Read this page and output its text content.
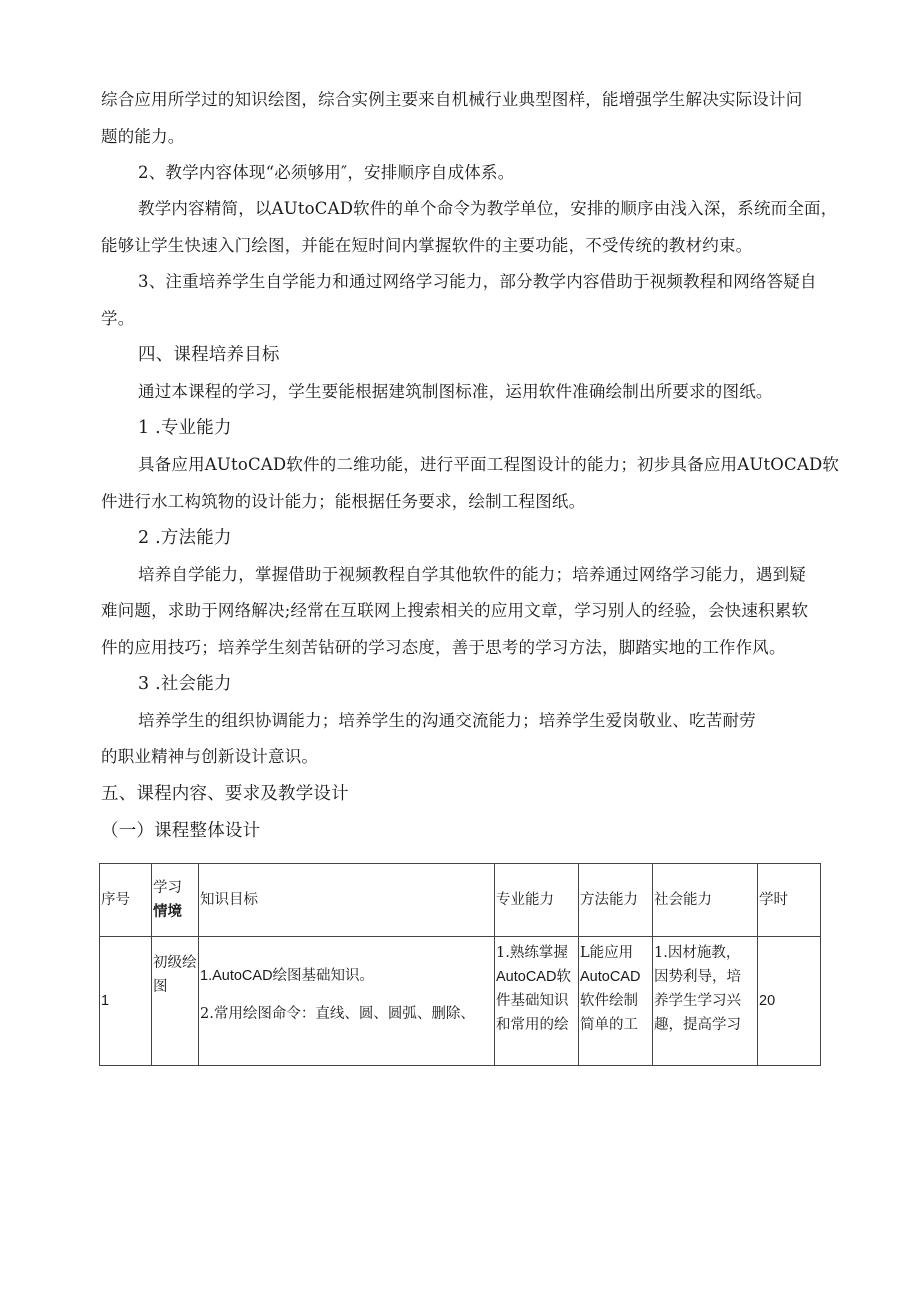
综合应用所学过的知识绘图，综合实例主要来自机械行业典型图样，能增强学生解决实际设计问
题的能力。
2、教学内容体现“必须够用″，安排顺序自成体系。
教学内容精简，以AUtoCAD软件的单个命令为教学单位，安排的顺序由浅入深，系统而全面，
能够让学生快速入门绘图，并能在短时间内掌握软件的主要功能，不受传统的教材约束。
3、注重培养学生自学能力和通过网络学习能力，部分教学内容借助于视频教程和网络答疑自
学。
四、课程培养目标
通过本课程的学习，学生要能根据建筑制图标准，运用软件准确绘制出所要求的图纸。
1 .专业能力
具备应用AUtoCAD软件的二维功能，进行平面工程图设计的能力；初步具备应用AUtOCAD软
件进行水工构筑物的设计能力；能根据任务要求，绘制工程图纸。
2 .方法能力
培养自学能力，掌握借助于视频教程自学其他软件的能力；培养通过网络学习能力，遇到疑
难问题，求助于网络解决;经常在互联网上搜索相关的应用文章，学习别人的经验，会快速积累软
件的应用技巧；培养学生刻苦钻研的学习态度，善于思考的学习方法，脚踏实地的工作作风。
3 .社会能力
培养学生的组织协调能力；培养学生的沟通交流能力；培养学生爱岗敬业、吃苦耐劳
的职业精神与创新设计意识。
五、课程内容、要求及教学设计
（一）课程整体设计
序号	学习
情境	知识目标	专业能力	方法能力	社会能力	学时
1	初级绘
图	1.AutoCAD绘图基础知识。
2.常用绘图命令：直线、圆、圆弧、删除、	1.熟练掌握
AutoCAD软
件基础知识
和常用的绘	L能应用
AutoCAD
软件绘制
简单的工	1.因材施教，
因势利导，培
养学生学习兴
趣，提高学习	20
